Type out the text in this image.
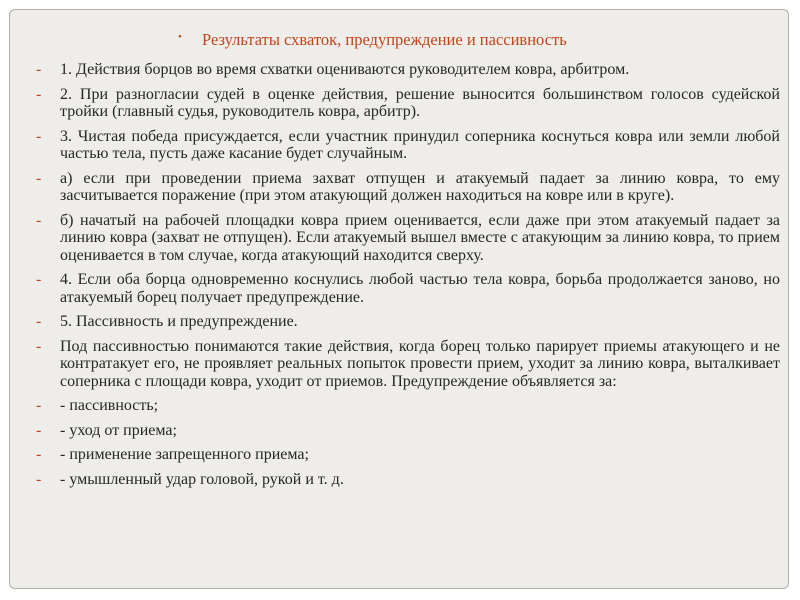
• Результаты схваток, предупреждение и пассивность
-	1. Действия борцов во время схватки оцениваются руководителем ковра, арбитром.
-	2. При разногласии судей в оценке действия, решение выносится большинством голосов судейской тройки (главный судья, руководитель ковра, арбитр).
-	3. Чистая победа присуждается, если участник принудил соперника коснуться ковра или земли любой частью тела, пусть даже касание будет случайным.
-	а) если при проведении приема захват отпущен и атакуемый падает за линию ковра, то ему засчитывается поражение (при этом атакующий должен находиться на ковре или в круге).
-	б) начатый на рабочей площадки ковра прием оценивается, если даже при этом атакуемый падает за линию ковра (захват не отпущен). Если атакуемый вышел вместе с атакующим за линию ковра, то прием оценивается в том случае, когда атакующий находится сверху.
-	4. Если оба борца одновременно коснулись любой частью тела ковра, борьба продолжается заново, но атакуемый борец получает предупреждение.
-	5. Пассивность и предупреждение.
-	Под пассивностью понимаются такие действия, когда борец только парирует приемы атакующего и не контратакует его, не проявляет реальных попыток провести прием, уходит за линию ковра, выталкивает соперника с площади ковра, уходит от приемов. Предупреждение объявляется за:
-	- пассивность;
-	- уход от приема;
-	- применение запрещенного приема;
-	- умышленный удар головой, рукой и т. д.
